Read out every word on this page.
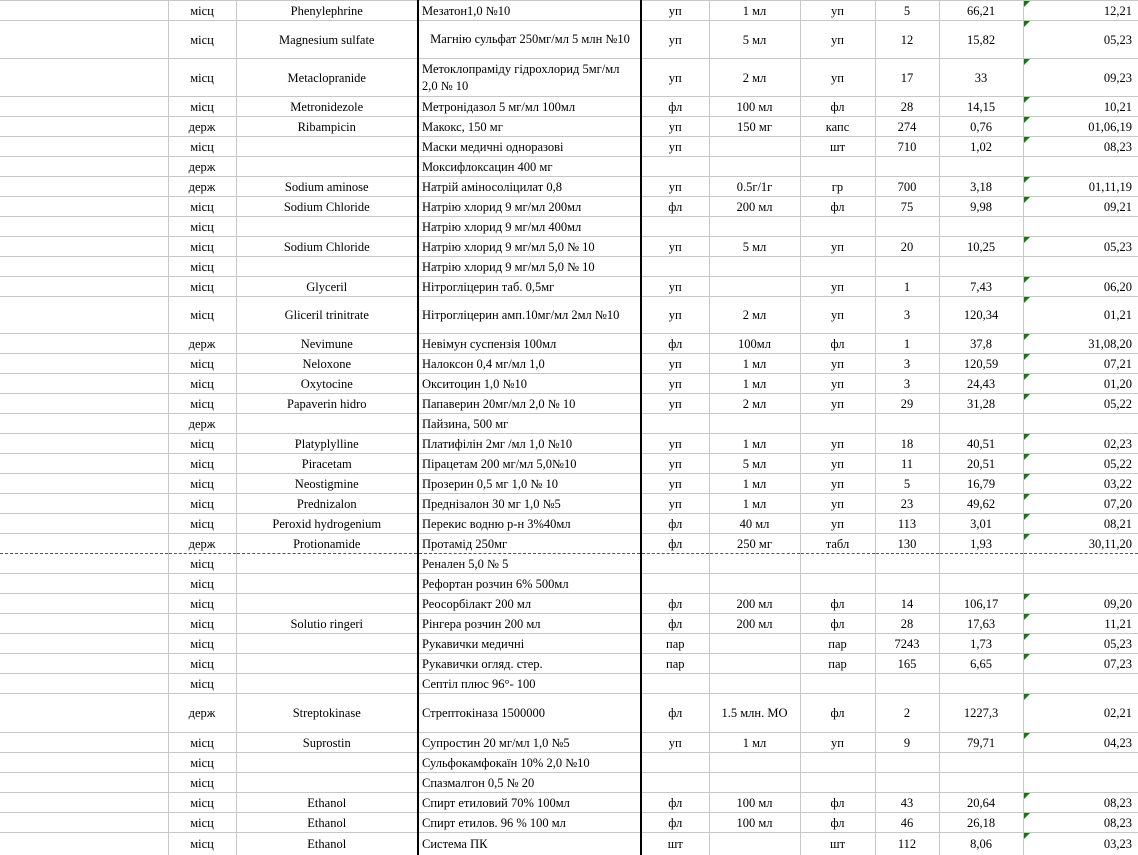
	місц	Phenylephrine	Мезатон1,0 №10	уп	1 мл	уп	5	66,21	12,21
	місц	Magnesium sulfate	Магнію сульфат 250мг/мл 5 млн №10	уп	5 мл	уп	12	15,82	05,23
	місц	Metaclopranide	Метоклопраміду гідрохлорид 5мг/мл 2,0 № 10	уп	2 мл	уп	17	33	09,23
	місц	Metronidezole	Метронідазол 5 мг/мл 100мл	фл	100 мл	фл	28	14,15	10,21
	держ	Ribampicin	Макокс, 150 мг	уп	150 мг	капс	274	0,76	01,06,19
	місц		Маски медичні одноразові	уп		шт	710	1,02	08,23
	держ		Моксифлоксацин 400 мг						
	держ	Sodium aminose	Натрій аміносоліцилат 0,8	уп	0.5г/1г	гр	700	3,18	01,11,19
	місц	Sodium Chloride	Натрію хлорид 9 мг/мл 200мл	фл	200 мл	фл	75	9,98	09,21
	місц		Натрію хлорид 9 мг/мл 400мл						
	місц	Sodium Chloride	Натрію хлорид 9 мг/мл 5,0 № 10	уп	5 мл	уп	20	10,25	05,23
	місц		Натрію хлорид 9 мг/мл 5,0 № 10						
	місц	Glyceril	Нітрогліцерин таб. 0,5мг	уп		уп	1	7,43	06,20
	місц	Gliceril trinitrate	Нітрогліцерин амп.10мг/мл 2мл №10	уп	2 мл	уп	3	120,34	01,21
	держ	Nevimune	Невімун суспензія 100мл	фл	100мл	фл	1	37,8	31,08,20
	місц	Neloxone	Налоксон 0,4 мг/мл 1,0	уп	1 мл	уп	3	120,59	07,21
	місц	Oxytocine	Окситоцин 1,0 №10	уп	1 мл	уп	3	24,43	01,20
	місц	Papaverin hidro	Папаверин 20мг/мл 2,0 № 10	уп	2 мл	уп	29	31,28	05,22
	держ		Пайзина, 500 мг						
	місц	Platyplylline	Платифілін 2мг /мл 1,0 №10	уп	1 мл	уп	18	40,51	02,23
	місц	Piracetam	Пірацетам 200 мг/мл 5,0№10	уп	5 мл	уп	11	20,51	05,22
	місц	Neostigmine	Прозерин 0,5 мг 1,0 № 10	уп	1 мл	уп	5	16,79	03,22
	місц	Prednizalon	Преднізалон 30 мг 1,0 №5	уп	1 мл	уп	23	49,62	07,20
	місц	Peroxid hydrogenium	Перекис водню р-н 3%40мл	фл	40 мл	уп	113	3,01	08,21
	держ	Protionamide	Протамід 250мг	фл	250 мг	табл	130	1,93	30,11,20
	місц		Ренален 5,0 № 5						
	місц		Рефортан розчин 6% 500мл						
	місц		Реосорбілакт 200 мл	фл	200 мл	фл	14	106,17	09,20
	місц	Solutio ringeri	Рінгера розчин 200 мл	фл	200 мл	фл	28	17,63	11,21
	місц		Рукавички медичні	пар		пар	7243	1,73	05,23
	місц		Рукавички огляд. стер.	пар		пар	165	6,65	07,23
	місц		Септіл плюс 96°- 100						
	держ	Streptokinase	Стрептокіназа 1500000	фл	1.5 млн. МО	фл	2	1227,3	02,21
	місц	Suprostin	Супростин 20 мг/мл 1,0 №5	уп	1 мл	уп	9	79,71	04,23
	місц		Сульфокамфокаїн 10% 2,0 №10						
	місц		Спазмалгон 0,5 № 20						
	місц	Ethanol	Спирт етиловий 70% 100мл	фл	100 мл	фл	43	20,64	08,23
	місц	Ethanol	Спирт етилов. 96 % 100 мл	фл	100 мл	фл	46	26,18	08,23
	місц	Ethanol	Система ПК	шт		шт	112	8,06	03,23
